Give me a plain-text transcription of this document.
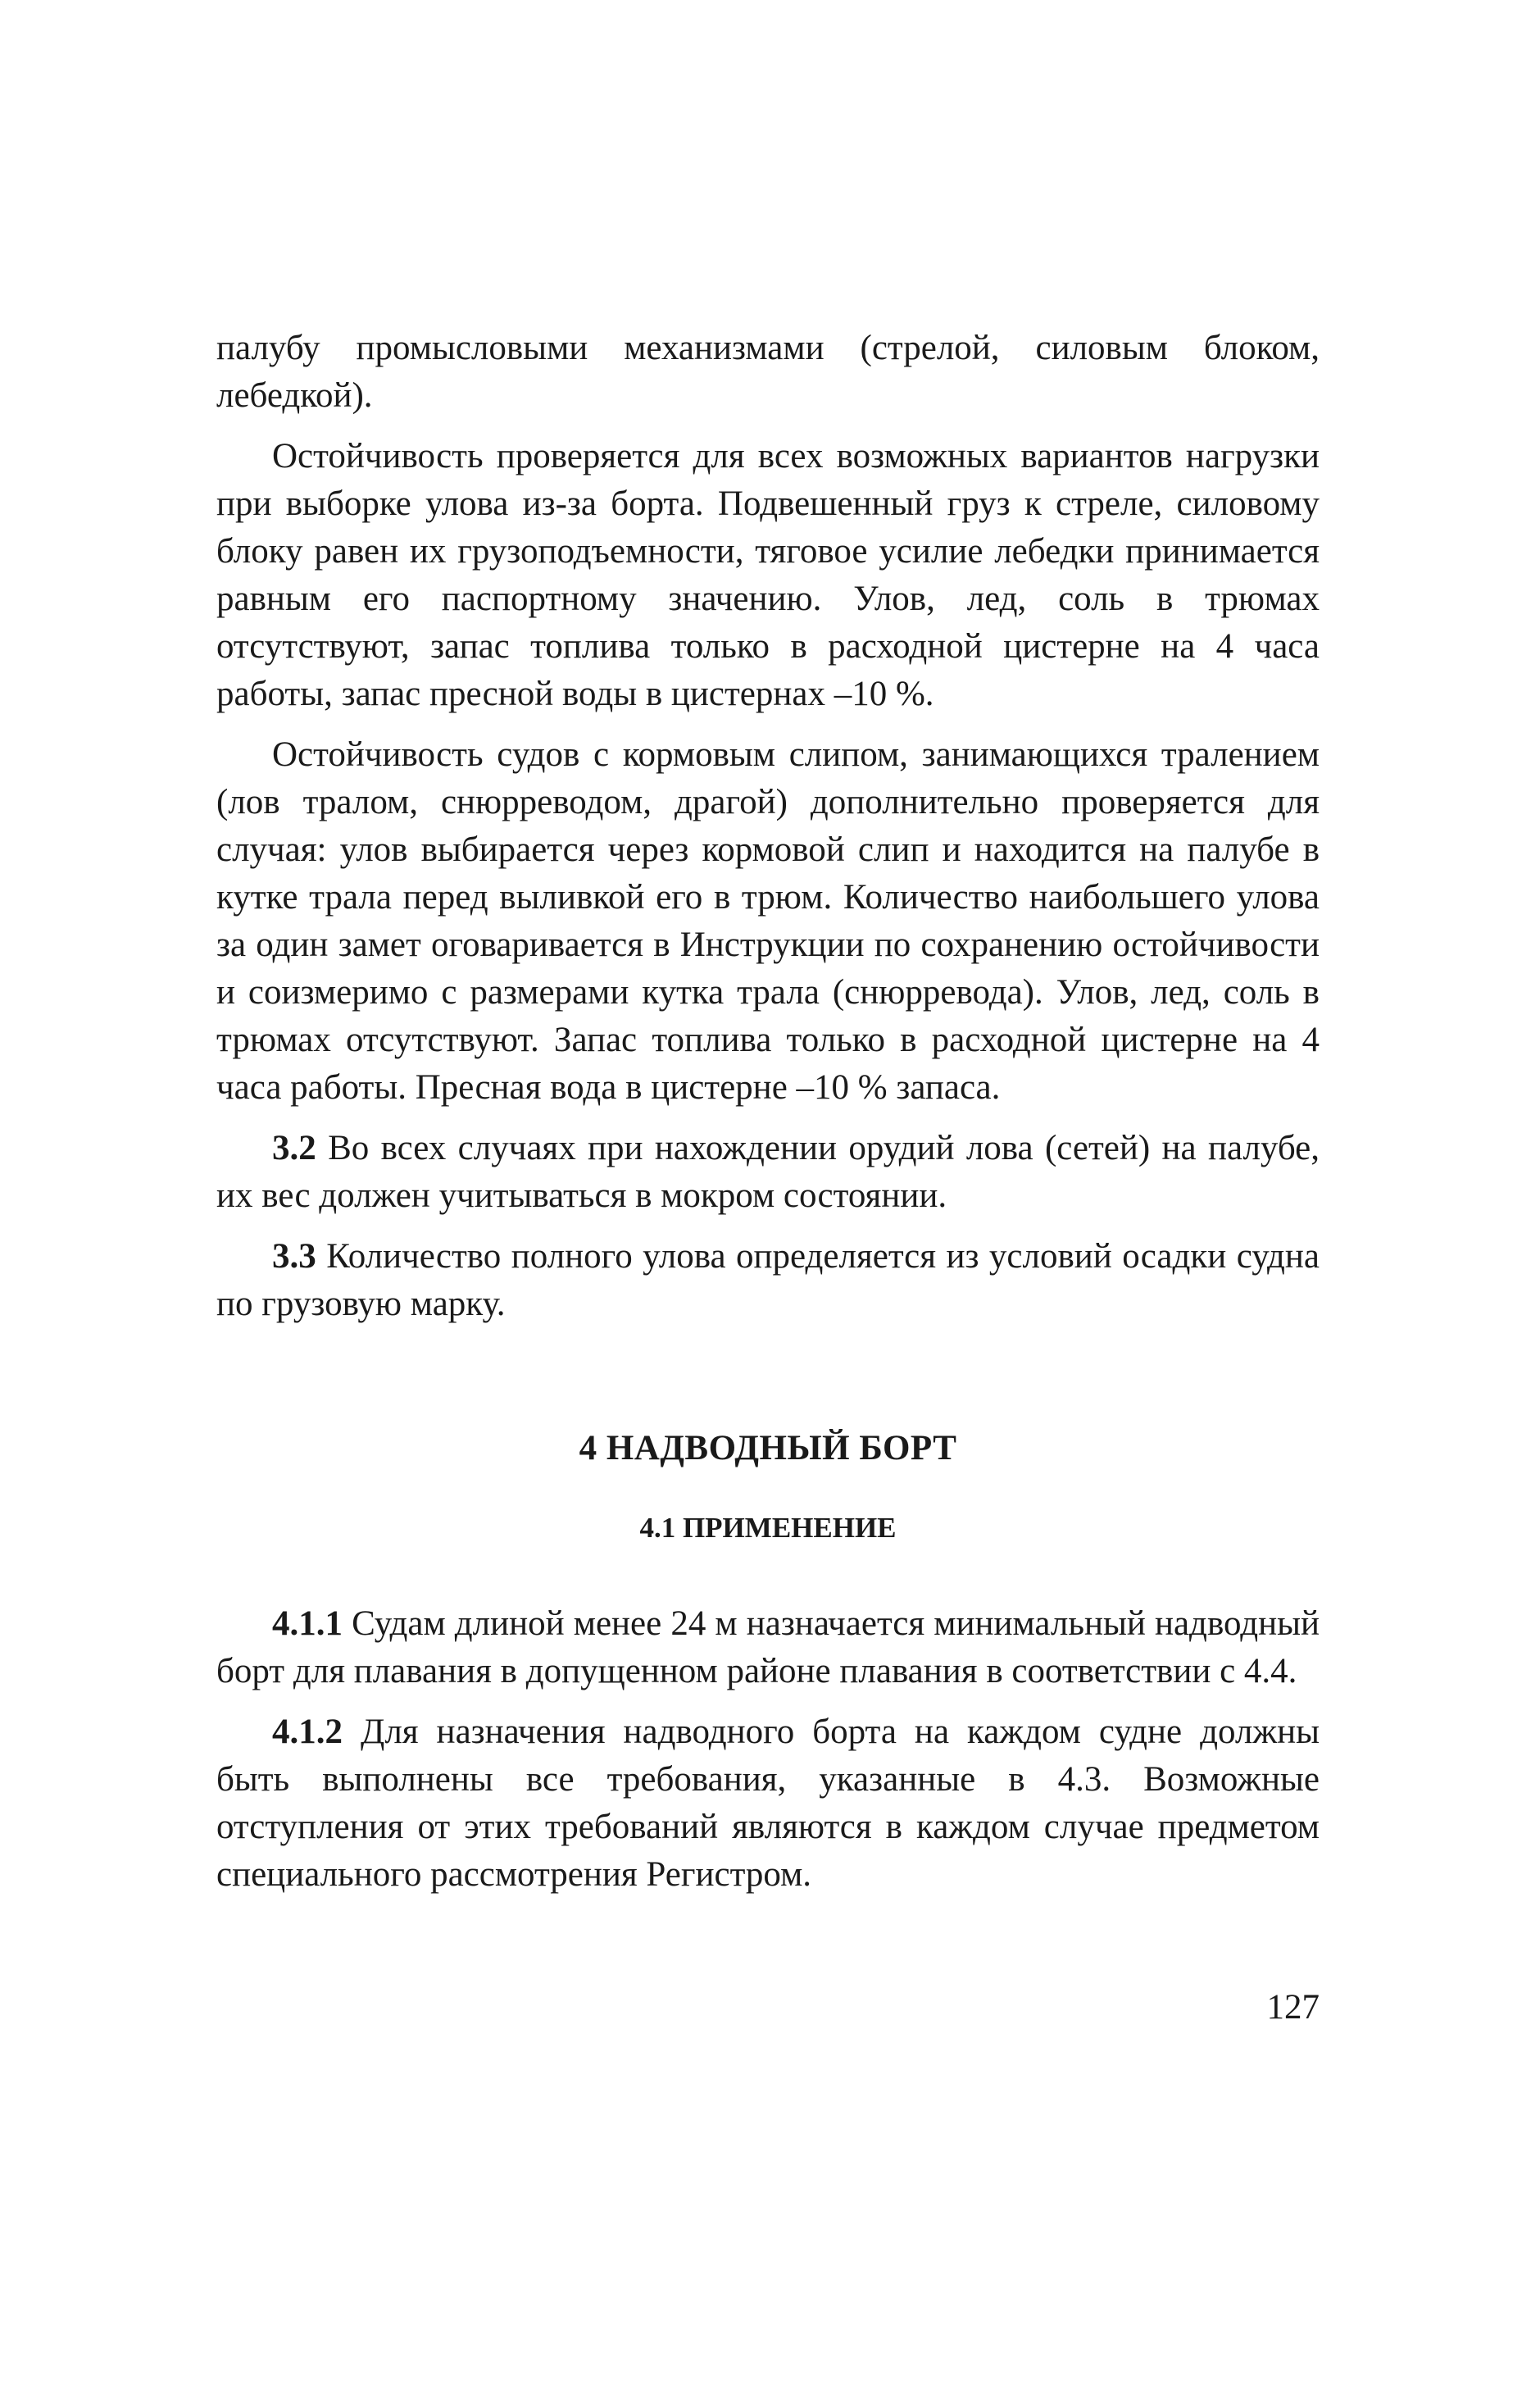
палубу промысловыми механизмами (стрелой, силовым блоком, лебедкой).

Остойчивость проверяется для всех возможных вариантов нагрузки при выборке улова из-за борта. Подвешенный груз к стреле, силовому блоку равен их грузоподъемности, тяговое усилие лебедки принимается равным его паспортному значению. Улов, лед, соль в трюмах отсутствуют, запас топлива только в расходной цистерне на 4 часа работы, запас пресной воды в цистернах –10 %.

Остойчивость судов с кормовым слипом, занимающихся тралением (лов тралом, снюрреводом, драгой) дополнительно проверяется для случая: улов выбирается через кормовой слип и находится на палубе в кутке трала перед выливкой его в трюм. Количество наибольшего улова за один замет оговаривается в Инструкции по сохранению остойчивости и соизмеримо с размерами кутка трала (снюрревода). Улов, лед, соль в трюмах отсутствуют. Запас топлива только в расходной цистерне на 4 часа работы. Пресная вода в цистерне –10 % запаса.

3.2 Во всех случаях при нахождении орудий лова (сетей) на палубе, их вес должен учитываться в мокром состоянии.

3.3 Количество полного улова определяется из условий осадки судна по грузовую марку.

4 НАДВОДНЫЙ БОРТ
4.1 ПРИМЕНЕНИЕ

4.1.1 Судам длиной менее 24 м назначается минимальный надводный борт для плавания в допущенном районе плавания в соответствии с 4.4.

4.1.2 Для назначения надводного борта на каждом судне должны быть выполнены все требования, указанные в 4.3. Возможные отступления от этих требований являются в каждом случае предметом специального рассмотрения Регистром.

127
